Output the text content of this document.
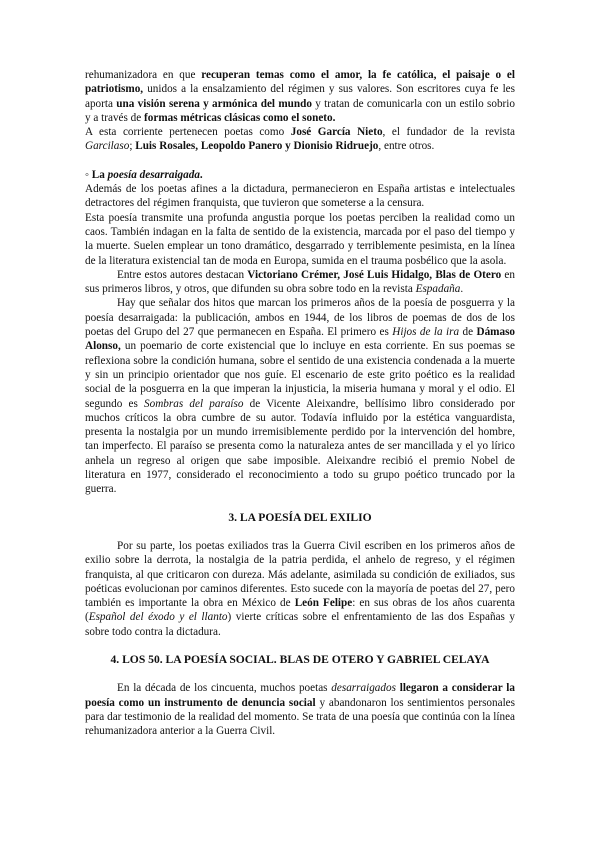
rehumanizadora en que recuperan temas como el amor, la fe católica, el paisaje o el patriotismo, unidos a la ensalzamiento del régimen y sus valores. Son escritores cuya fe les aporta una visión serena y armónica del mundo y tratan de comunicarla con un estilo sobrio y a través de formas métricas clásicas como el soneto.

A esta corriente pertenecen poetas como José García Nieto, el fundador de la revista Garcilaso; Luis Rosales, Leopoldo Panero y Dionisio Ridruejo, entre otros.

◦ La poesía desarraigada.

Además de los poetas afines a la dictadura, permanecieron en España artistas e intelectuales detractores del régimen franquista, que tuvieron que someterse a la censura.

Esta poesía transmite una profunda angustia porque los poetas perciben la realidad como un caos. También indagan en la falta de sentido de la existencia, marcada por el paso del tiempo y la muerte. Suelen emplear un tono dramático, desgarrado y terriblemente pesimista, en la línea de la literatura existencial tan de moda en Europa, sumida en el trauma posbélico que la asola.

Entre estos autores destacan Victoriano Crémer, José Luis Hidalgo, Blas de Otero en sus primeros libros, y otros, que difunden su obra sobre todo en la revista Espadaña.

Hay que señalar dos hitos que marcan los primeros años de la poesía de posguerra y la poesía desarraigada: la publicación, ambos en 1944, de los libros de poemas de dos de los poetas del Grupo del 27 que permanecen en España. El primero es Hijos de la ira de Dámaso Alonso, un poemario de corte existencial que lo incluye en esta corriente. En sus poemas se reflexiona sobre la condición humana, sobre el sentido de una existencia condenada a la muerte y sin un principio orientador que nos guíe. El escenario de este grito poético es la realidad social de la posguerra en la que imperan la injusticia, la miseria humana y moral y el odio. El segundo es Sombras del paraíso de Vicente Aleixandre, bellísimo libro considerado por muchos críticos la obra cumbre de su autor. Todavía influido por la estética vanguardista, presenta la nostalgia por un mundo irremisiblemente perdido por la intervención del hombre, tan imperfecto. El paraíso se presenta como la naturaleza antes de ser mancillada y el yo lírico anhela un regreso al origen que sabe imposible. Aleixandre recibió el premio Nobel de literatura en 1977, considerado el reconocimiento a todo su grupo poético truncado por la guerra.

3. LA POESÍA DEL EXILIO

Por su parte, los poetas exiliados tras la Guerra Civil escriben en los primeros años de exilio sobre la derrota, la nostalgia de la patria perdida, el anhelo de regreso, y el régimen franquista, al que criticaron con dureza. Más adelante, asimilada su condición de exiliados, sus poéticas evolucionan por caminos diferentes. Esto sucede con la mayoría de poetas del 27, pero también es importante la obra en México de León Felipe: en sus obras de los años cuarenta (Español del éxodo y el llanto) vierte críticas sobre el enfrentamiento de las dos Españas y sobre todo contra la dictadura.

4. LOS 50. LA POESÍA SOCIAL. BLAS DE OTERO Y GABRIEL CELAYA

En la década de los cincuenta, muchos poetas desarraigados llegaron a considerar la poesía como un instrumento de denuncia social y abandonaron los sentimientos personales para dar testimonio de la realidad del momento. Se trata de una poesía que continúa con la línea rehumanizadora anterior a la Guerra Civil.
